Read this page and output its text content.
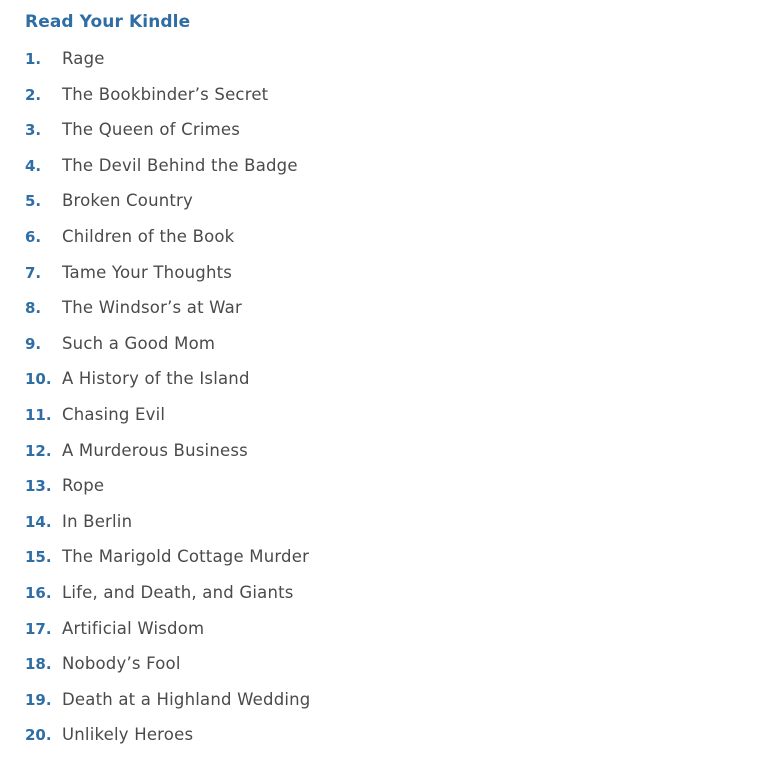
Read Your Kindle
1. Rage
2. The Bookbinder’s Secret
3. The Queen of Crimes
4. The Devil Behind the Badge
5. Broken Country
6. Children of the Book
7. Tame Your Thoughts
8. The Windsor’s at War
9. Such a Good Mom
10. A History of the Island
11. Chasing Evil
12. A Murderous Business
13. Rope
14. In Berlin
15. The Marigold Cottage Murder
16. Life, and Death, and Giants
17. Artificial Wisdom
18. Nobody’s Fool
19. Death at a Highland Wedding
20. Unlikely Heroes
